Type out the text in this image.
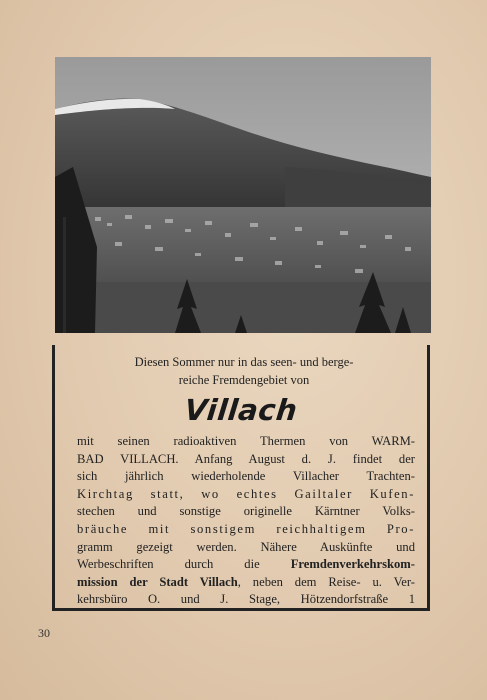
Diesen Sommer nur in das seen- und berge-
reiche Fremdengebiet von
Villach
mit seinen radioaktiven Thermen von WARM-
BAD VILLACH. Anfang August d. J. findet der
sich jährlich wiederholende Villacher Trachten-
Kirchtag statt, wo echtes Gailtaler Kufen-
stechen und sonstige originelle Kärntner Volks-
bräuche mit sonstigem reichhaltigem Pro-
gramm gezeigt werden. Nähere Auskünfte und
Werbeschriften durch die Fremdenverkehrskom-
mission der Stadt Villach, neben dem Reise- u. Ver-
kehrsbüro O. und J. Stage, Hötzendorfstraße 1
30
